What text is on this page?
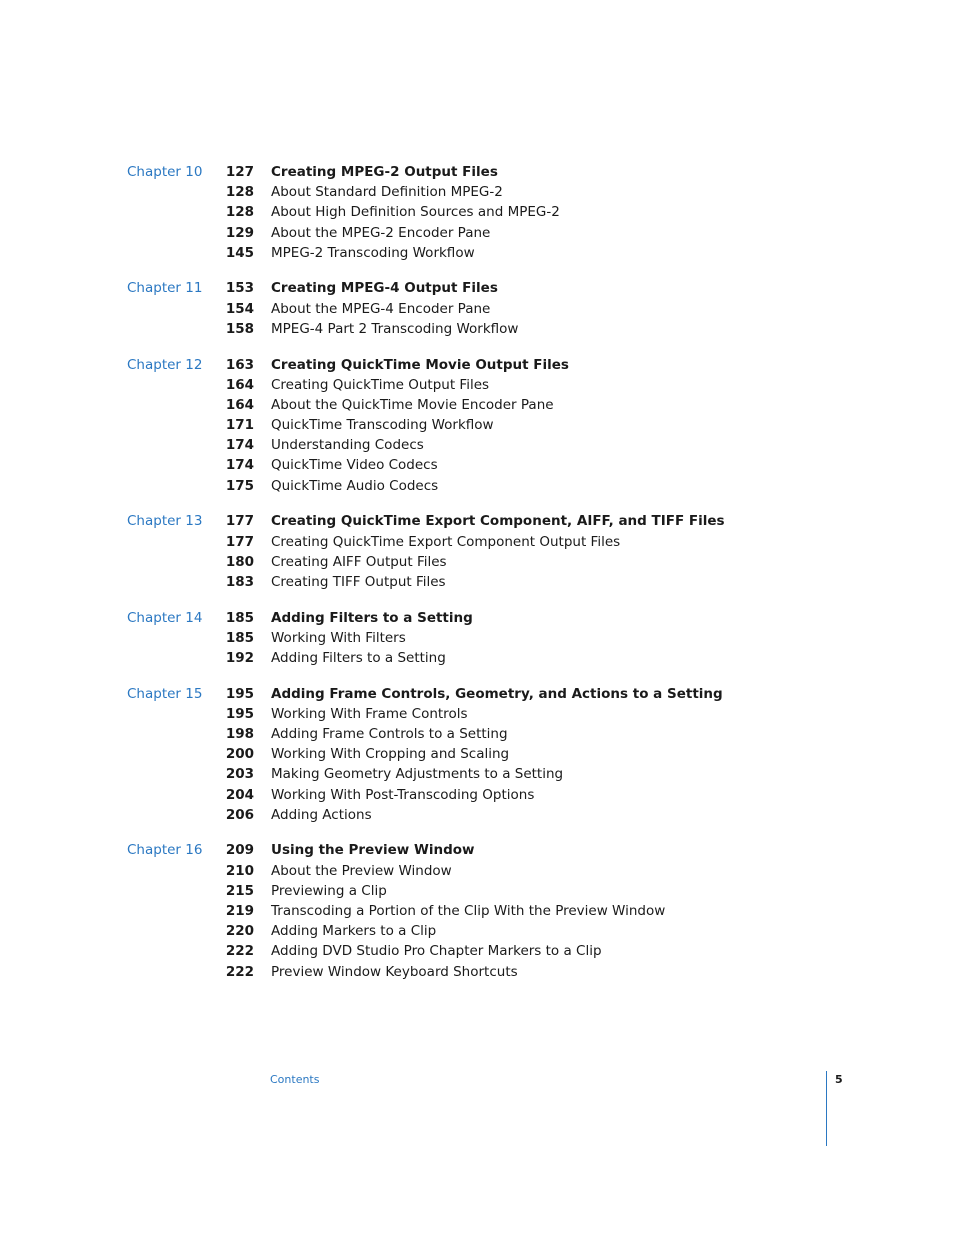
Chapter 10 127 Creating MPEG-2 Output Files
128 About Standard Definition MPEG-2
128 About High Definition Sources and MPEG-2
129 About the MPEG-2 Encoder Pane
145 MPEG-2 Transcoding Workflow
Chapter 11 153 Creating MPEG-4 Output Files
154 About the MPEG-4 Encoder Pane
158 MPEG-4 Part 2 Transcoding Workflow
Chapter 12 163 Creating QuickTime Movie Output Files
164 Creating QuickTime Output Files
164 About the QuickTime Movie Encoder Pane
171 QuickTime Transcoding Workflow
174 Understanding Codecs
174 QuickTime Video Codecs
175 QuickTime Audio Codecs
Chapter 13 177 Creating QuickTime Export Component, AIFF, and TIFF Files
177 Creating QuickTime Export Component Output Files
180 Creating AIFF Output Files
183 Creating TIFF Output Files
Chapter 14 185 Adding Filters to a Setting
185 Working With Filters
192 Adding Filters to a Setting
Chapter 15 195 Adding Frame Controls, Geometry, and Actions to a Setting
195 Working With Frame Controls
198 Adding Frame Controls to a Setting
200 Working With Cropping and Scaling
203 Making Geometry Adjustments to a Setting
204 Working With Post-Transcoding Options
206 Adding Actions
Chapter 16 209 Using the Preview Window
210 About the Preview Window
215 Previewing a Clip
219 Transcoding a Portion of the Clip With the Preview Window
220 Adding Markers to a Clip
222 Adding DVD Studio Pro Chapter Markers to a Clip
222 Preview Window Keyboard Shortcuts
Contents	5
